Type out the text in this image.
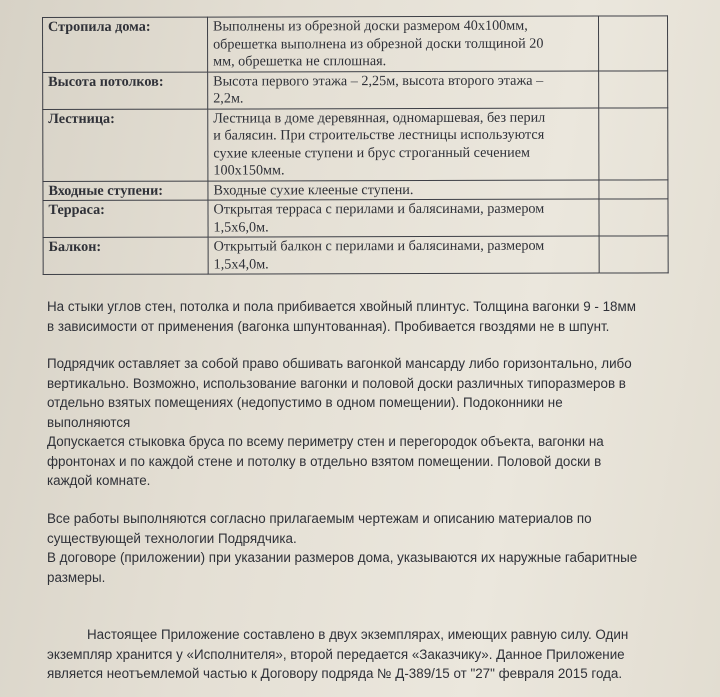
Стропила дома:	Выполнены из обрезной доски размером 40х100мм,
обрешетка выполнена из обрезной доски толщиной 20
мм, обрешетка не сплошная.	

Высота потолков:	Высота первого этажа – 2,25м, высота второго этажа –
2,2м.	

Лестница:	Лестница в доме деревянная, одномаршевая, без перил
и балясин. При строительстве лестницы используются
сухие клееные ступени и брус строганный сечением
100х150мм.	

Входные ступени:	Входные сухие клееные ступени.	

Терраса:	Открытая терраса с перилами и балясинами, размером
1,5х6,0м.	

Балкон:	Открытый балкон с перилами и балясинами, размером
1,5х4,0м.	

На стыки углов стен, потолка и пола прибивается хвойный плинтус. Толщина вагонки 9 - 18мм
в зависимости от применения (вагонка шпунтованная). Пробивается гвоздями не в шпунт.

Подрядчик оставляет за собой право обшивать вагонкой мансарду либо горизонтально, либо
вертикально. Возможно, использование вагонки и половой доски различных типоразмеров в
отдельно взятых помещениях (недопустимо в одном помещении). Подоконники не
выполняются

Допускается стыковка бруса по всему периметру стен и перегородок объекта, вагонки на
фронтонах и по каждой стене и потолку в отдельно взятом помещении. Половой доски в
каждой комнате.

Все работы выполняются согласно прилагаемым чертежам и описанию материалов по
существующей технологии Подрядчика.

В договоре (приложении) при указании размеров дома, указываются их наружные габаритные
размеры.

Настоящее Приложение составлено в двух экземплярах, имеющих равную силу. Один
экземпляр хранится у «Исполнителя», второй передается «Заказчику». Данное Приложение
является неотъемлемой частью к Договору подряда № Д-389/15 от "27" февраля 2015 года.
